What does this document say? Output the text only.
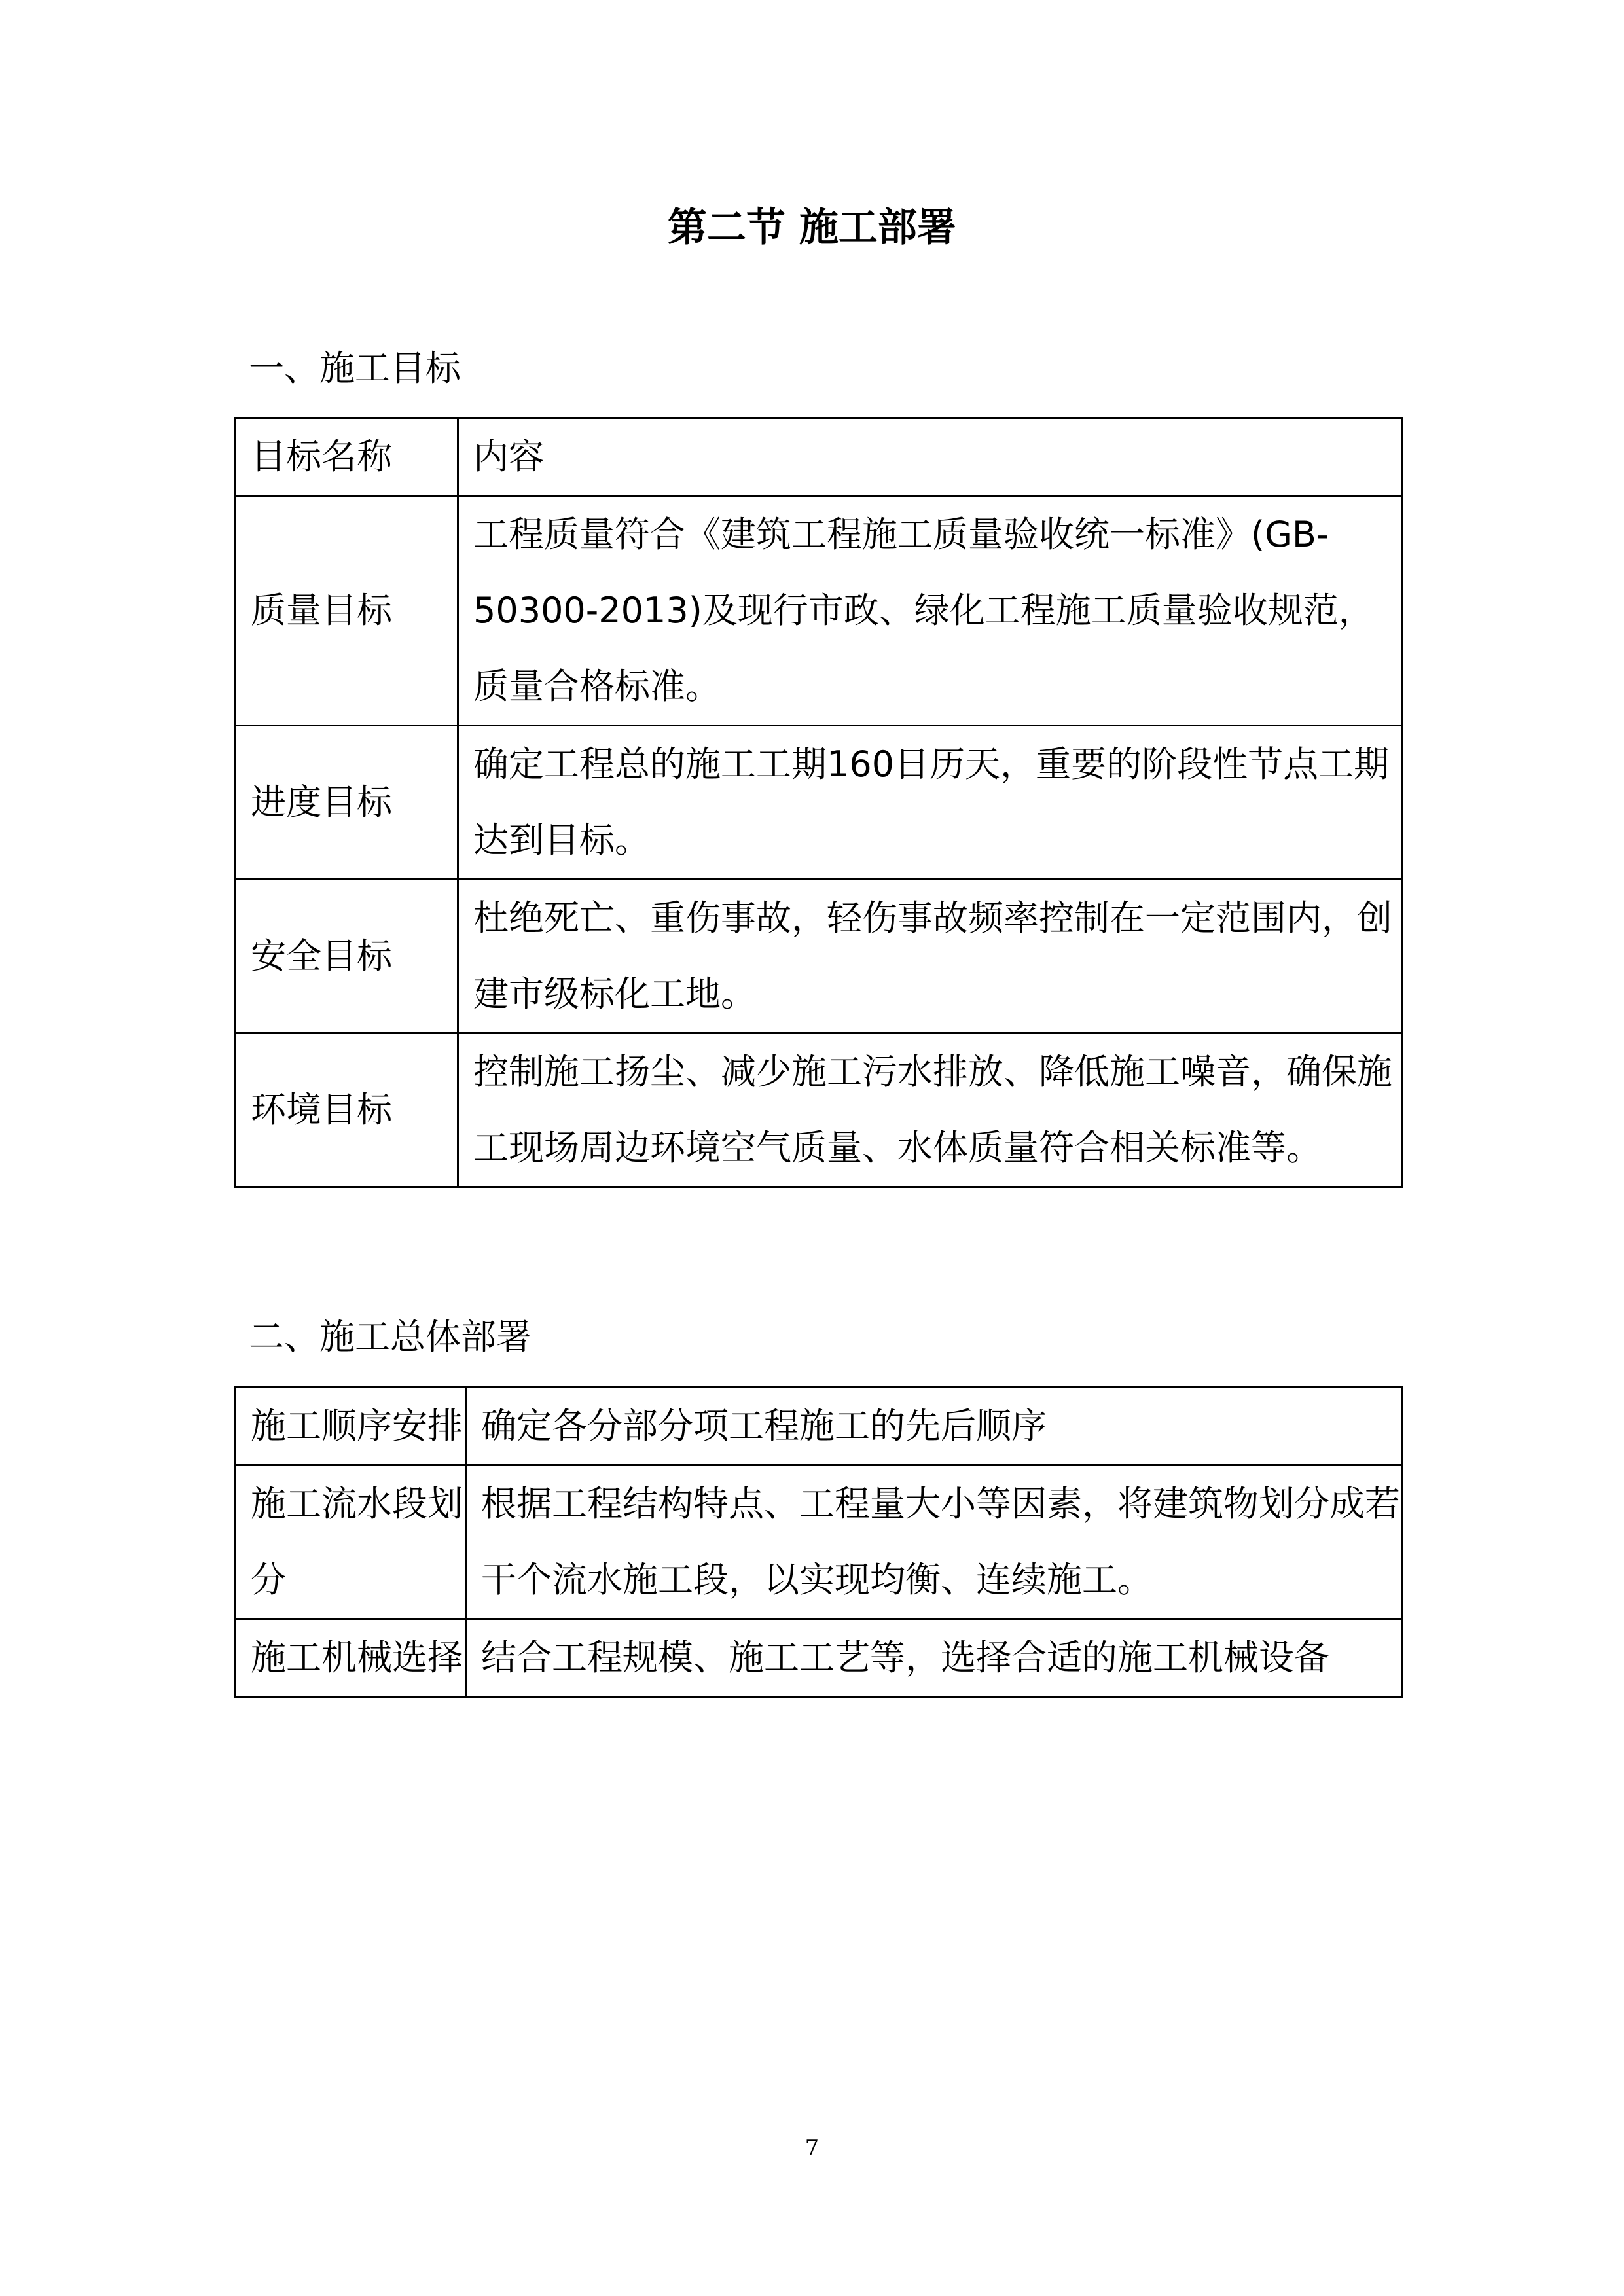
第二节 施工部署
一、施工目标
目标名称	内容
质量目标	工程质量符合《建筑工程施工质量验收统一标准》(GB-50300-2013)及现行市政、绿化工程施工质量验收规范，质量合格标准。
进度目标	确定工程总的施工工期160日历天，重要的阶段性节点工期达到目标。
安全目标	杜绝死亡、重伤事故，轻伤事故频率控制在一定范围内，创建市级标化工地。
环境目标	控制施工扬尘、减少施工污水排放、降低施工噪音，确保施工现场周边环境空气质量、水体质量符合相关标准等。
二、施工总体部署
施工顺序安排	确定各分部分项工程施工的先后顺序
施工流水段划分	根据工程结构特点、工程量大小等因素，将建筑物划分成若干个流水施工段，以实现均衡、连续施工。
施工机械选择	结合工程规模、施工工艺等，选择合适的施工机械设备
7
